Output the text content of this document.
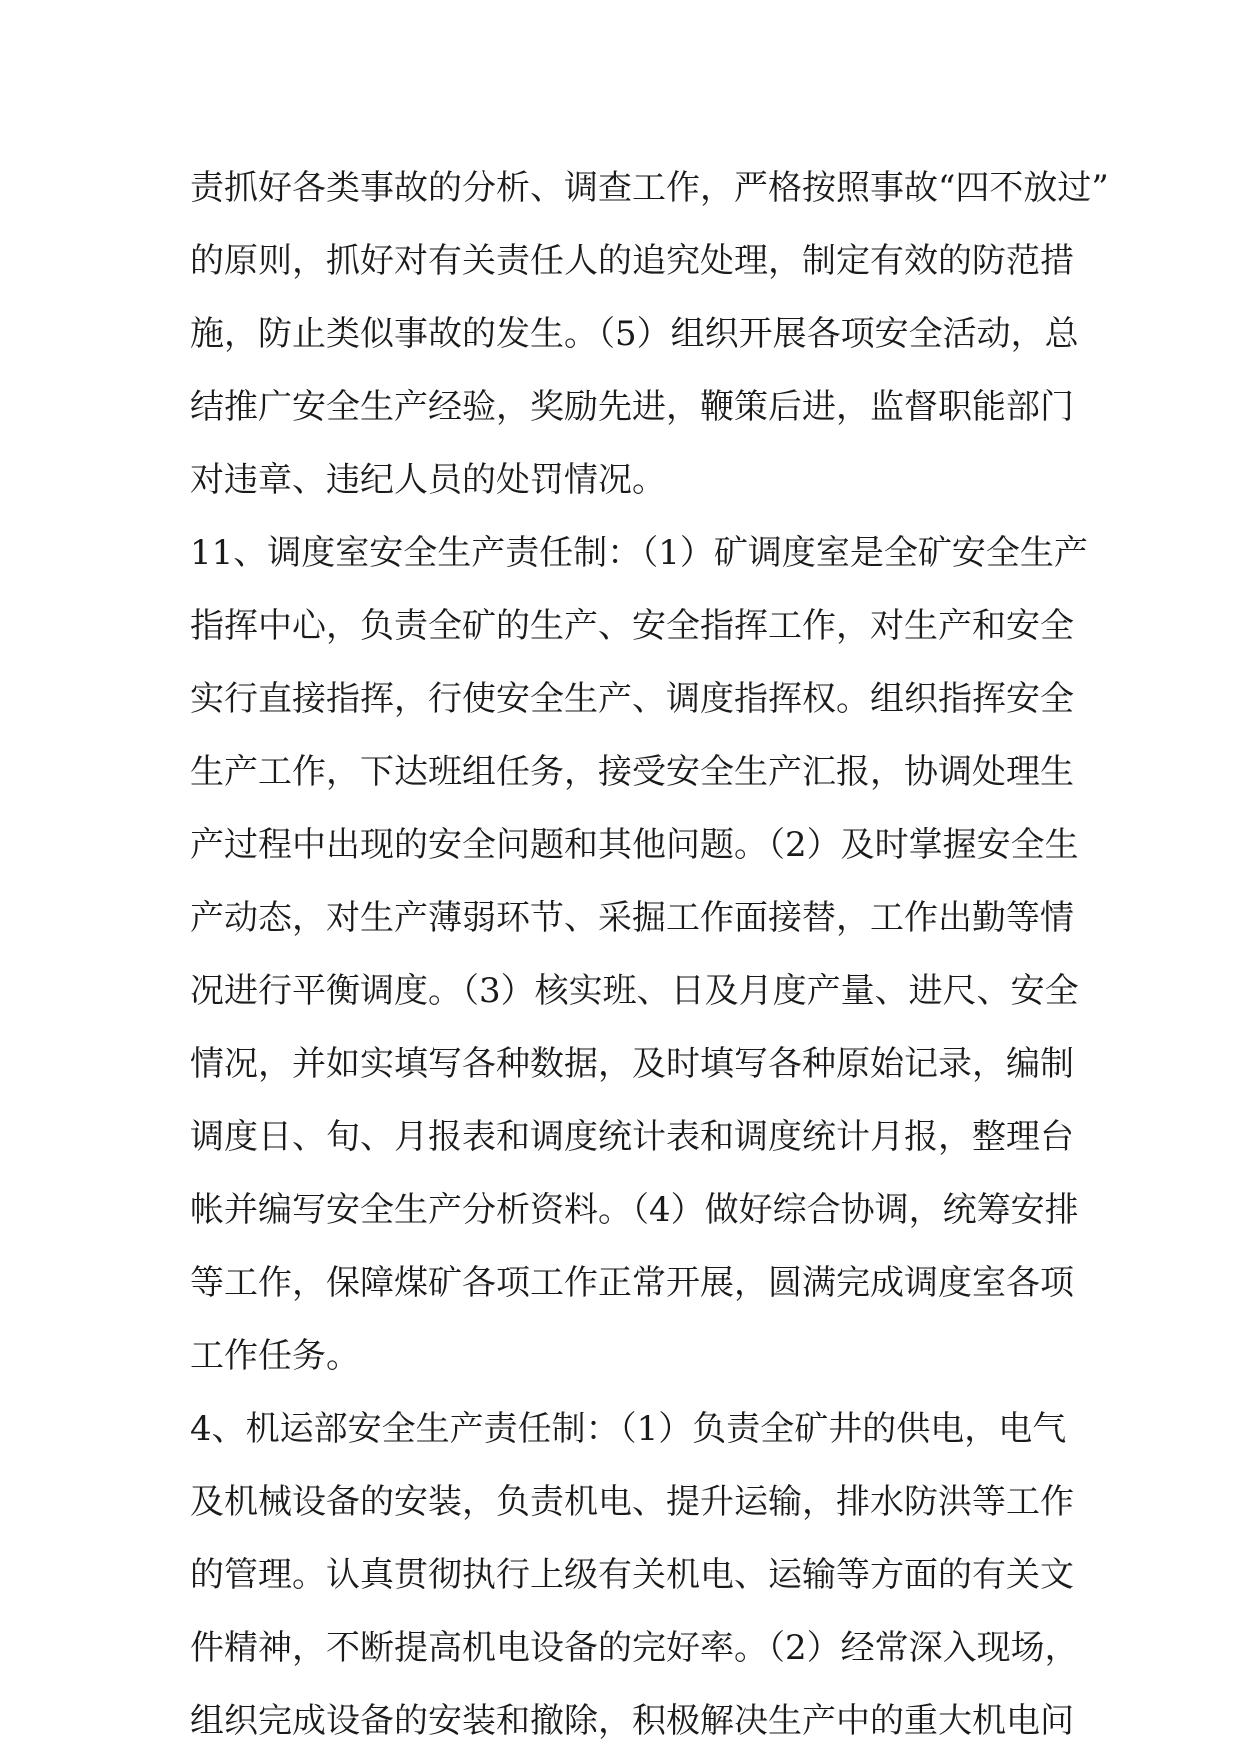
责抓好各类事故的分析、调查工作，严格按照事故“四不放过”
的原则，抓好对有关责任人的追究处理，制定有效的防范措
施，防止类似事故的发生。（5）组织开展各项安全活动，总
结推广安全生产经验，奖励先进，鞭策后进，监督职能部门
对违章、违纪人员的处罚情况。
11、调度室安全生产责任制：（1）矿调度室是全矿安全生产
指挥中心，负责全矿的生产、安全指挥工作，对生产和安全
实行直接指挥，行使安全生产、调度指挥权。组织指挥安全
生产工作，下达班组任务，接受安全生产汇报，协调处理生
产过程中出现的安全问题和其他问题。（2）及时掌握安全生
产动态，对生产薄弱环节、采掘工作面接替，工作出勤等情
况进行平衡调度。（3）核实班、日及月度产量、进尺、安全
情况，并如实填写各种数据，及时填写各种原始记录，编制
调度日、旬、月报表和调度统计表和调度统计月报，整理台
帐并编写安全生产分析资料。（4）做好综合协调，统筹安排
等工作，保障煤矿各项工作正常开展，圆满完成调度室各项
工作任务。
4、机运部安全生产责任制：（1）负责全矿井的供电，电气
及机械设备的安装，负责机电、提升运输，排水防洪等工作
的管理。认真贯彻执行上级有关机电、运输等方面的有关文
件精神，不断提高机电设备的完好率。（2）经常深入现场，
组织完成设备的安装和撤除，积极解决生产中的重大机电问
